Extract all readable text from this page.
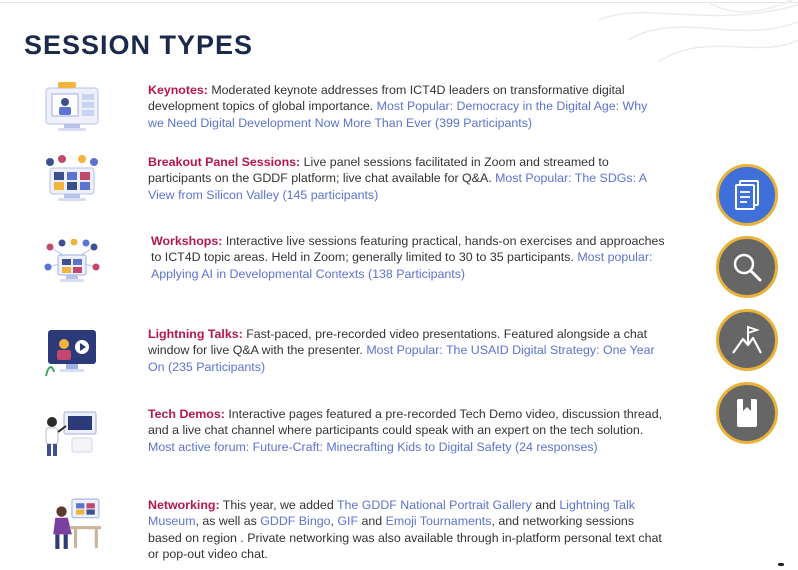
SESSION TYPES
Keynotes: Moderated keynote addresses from ICT4D leaders on transformative digital development topics of global importance. Most Popular: Democracy in the Digital Age: Why we Need Digital Development Now More Than Ever (399 Participants)
Breakout Panel Sessions: Live panel sessions facilitated in Zoom and streamed to participants on the GDDF platform; live chat available for Q&A. Most Popular: The SDGs: A View from Silicon Valley (145 participants)
Workshops: Interactive live sessions featuring practical, hands-on exercises and approaches to ICT4D topic areas. Held in Zoom; generally limited to 30 to 35 participants. Most popular: Applying AI in Developmental Contexts (138 Participants)
Lightning Talks: Fast-paced, pre-recorded video presentations. Featured alongside a chat window for live Q&A with the presenter. Most Popular: The USAID Digital Strategy: One Year On (235 Participants)
Tech Demos: Interactive pages featured a pre-recorded Tech Demo video, discussion thread, and a live chat channel where participants could speak with an expert on the tech solution. Most active forum: Future-Craft: Minecrafting Kids to Digital Safety (24 responses)
Networking: This year, we added The GDDF National Portrait Gallery and Lightning Talk Museum, as well as GDDF Bingo, GIF and Emoji Tournaments, and networking sessions based on region . Private networking was also available through in-platform personal text chat or pop-out video chat.
